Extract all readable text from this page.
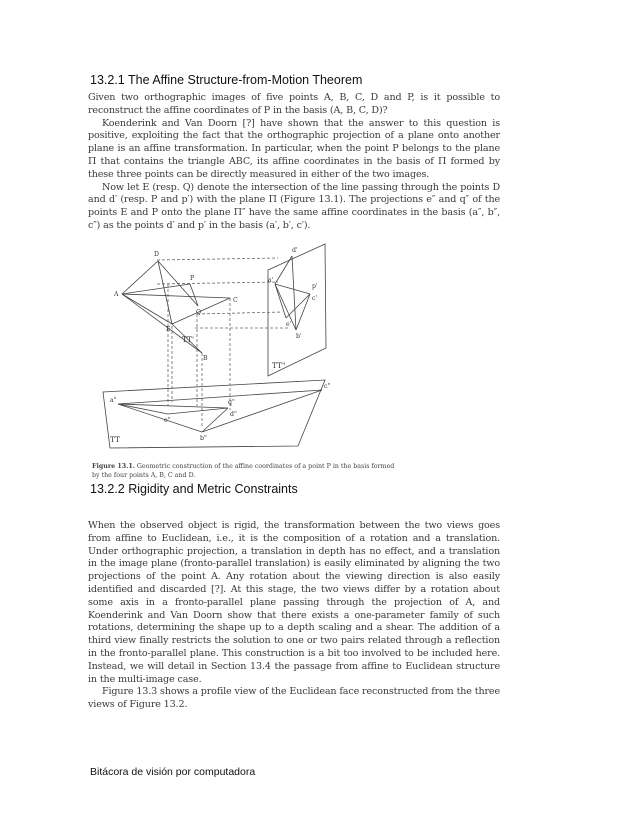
13.2.1 The Affine Structure-from-Motion Theorem

Given two orthographic images of five points A, B, C, D and P, is it possible to reconstruct the affine coordinates of P in the basis (A, B, C, D)?

Koenderink and Van Doorn [?] have shown that the answer to this question is positive, exploiting the fact that the orthographic projection of a plane onto another plane is an affine transformation. In particular, when the point P belongs to the plane Π that contains the triangle ABC, its affine coordinates in the basis of Π formed by these three points can be directly measured in either of the two images.

Now let E (resp. Q) denote the intersection of the line passing through the points D and d′ (resp. P and p′) with the plane Π (Figure 13.1). The projections e″ and q″ of the points E and P onto the plane Π″ have the same affine coordinates in the basis (a″, b″, c″) as the points d′ and p′ in the basis (a′, b′, c′).

A
D
P
C
Q
E
B
ΤΤ'
d'
a'
p'
c'
e'
b'
ΤΤ"
a"
c"
q"
d"
e"
b"
ΤΤ
Figure 13.1. Geometric construction of the affine coordinates of a point P in the basis formed by the four points A, B, C and D.
13.2.2 Rigidity and Metric Constraints

When the observed object is rigid, the transformation between the two views goes from affine to Euclidean, i.e., it is the composition of a rotation and a translation. Under orthographic projection, a translation in depth has no effect, and a translation in the image plane (fronto-parallel translation) is easily eliminated by aligning the two projections of the point A. Any rotation about the viewing direction is also easily identified and discarded [?]. At this stage, the two views differ by a rotation about some axis in a fronto-parallel plane passing through the projection of A, and Koenderink and Van Doorn show that there exists a one-parameter family of such rotations, determining the shape up to a depth scaling and a shear. The addition of a third view finally restricts the solution to one or two pairs related through a reflection in the fronto-parallel plane. This construction is a bit too involved to be included here. Instead, we will detail in Section 13.4 the passage from affine to Euclidean structure in the multi-image case.

Figure 13.3 shows a profile view of the Euclidean face reconstructed from the three views of Figure 13.2.

Bitácora de visión por computadora
